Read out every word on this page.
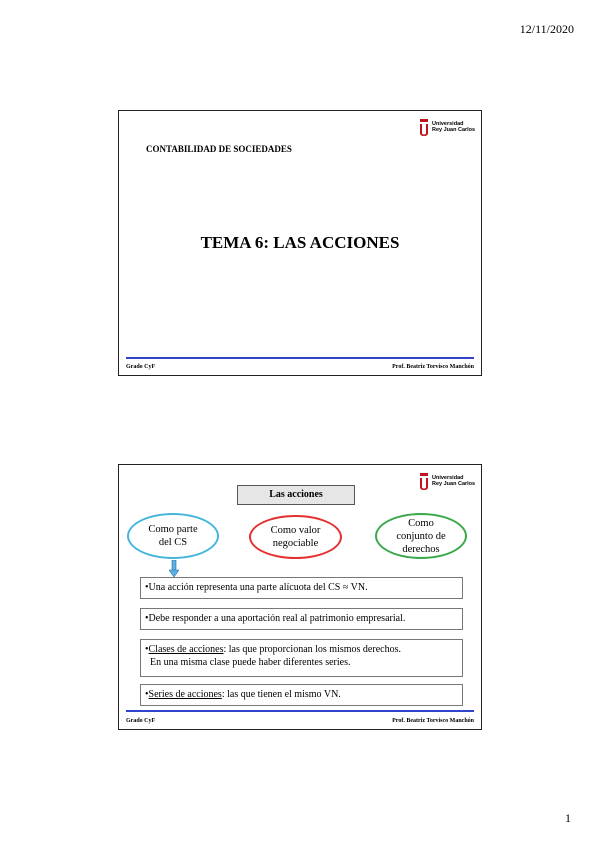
12/11/2020
Universidad
Rey Juan Carlos
CONTABILIDAD DE SOCIEDADES
TEMA 6: LAS ACCIONES
Grado CyF	Prof. Beatriz Torvisco Manchón
Universidad
Rey Juan Carlos
Las acciones
Como parte del CS
Como valor negociable
Como conjunto de derechos
•Una acción representa una parte alícuota del CS ≈ VN.
•Debe responder a una aportación real al patrimonio empresarial.
•Clases de acciones: las que proporcionan los mismos derechos.
En una misma clase puede haber diferentes series.
•Series de acciones: las que tienen el mismo VN.
Grado CyF	Prof. Beatriz Torvisco Manchón
1
